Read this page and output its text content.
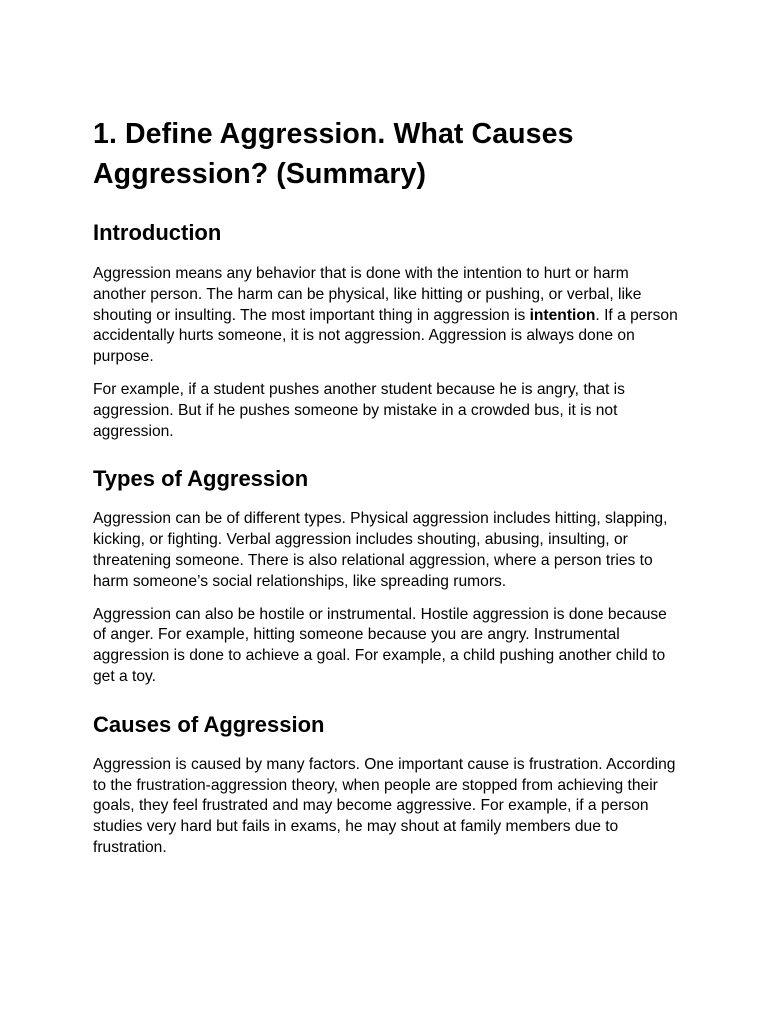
1. Define Aggression. What Causes Aggression? (Summary)
Introduction

Aggression means any behavior that is done with the intention to hurt or harm another person. The harm can be physical, like hitting or pushing, or verbal, like shouting or insulting. The most important thing in aggression is intention. If a person accidentally hurts someone, it is not aggression. Aggression is always done on purpose.

For example, if a student pushes another student because he is angry, that is aggression. But if he pushes someone by mistake in a crowded bus, it is not aggression.

Types of Aggression

Aggression can be of different types. Physical aggression includes hitting, slapping, kicking, or fighting. Verbal aggression includes shouting, abusing, insulting, or threatening someone. There is also relational aggression, where a person tries to harm someone’s social relationships, like spreading rumors.

Aggression can also be hostile or instrumental. Hostile aggression is done because of anger. For example, hitting someone because you are angry. Instrumental aggression is done to achieve a goal. For example, a child pushing another child to get a toy.

Causes of Aggression

Aggression is caused by many factors. One important cause is frustration. According to the frustration-aggression theory, when people are stopped from achieving their goals, they feel frustrated and may become aggressive. For example, if a person studies very hard but fails in exams, he may shout at family members due to frustration.
